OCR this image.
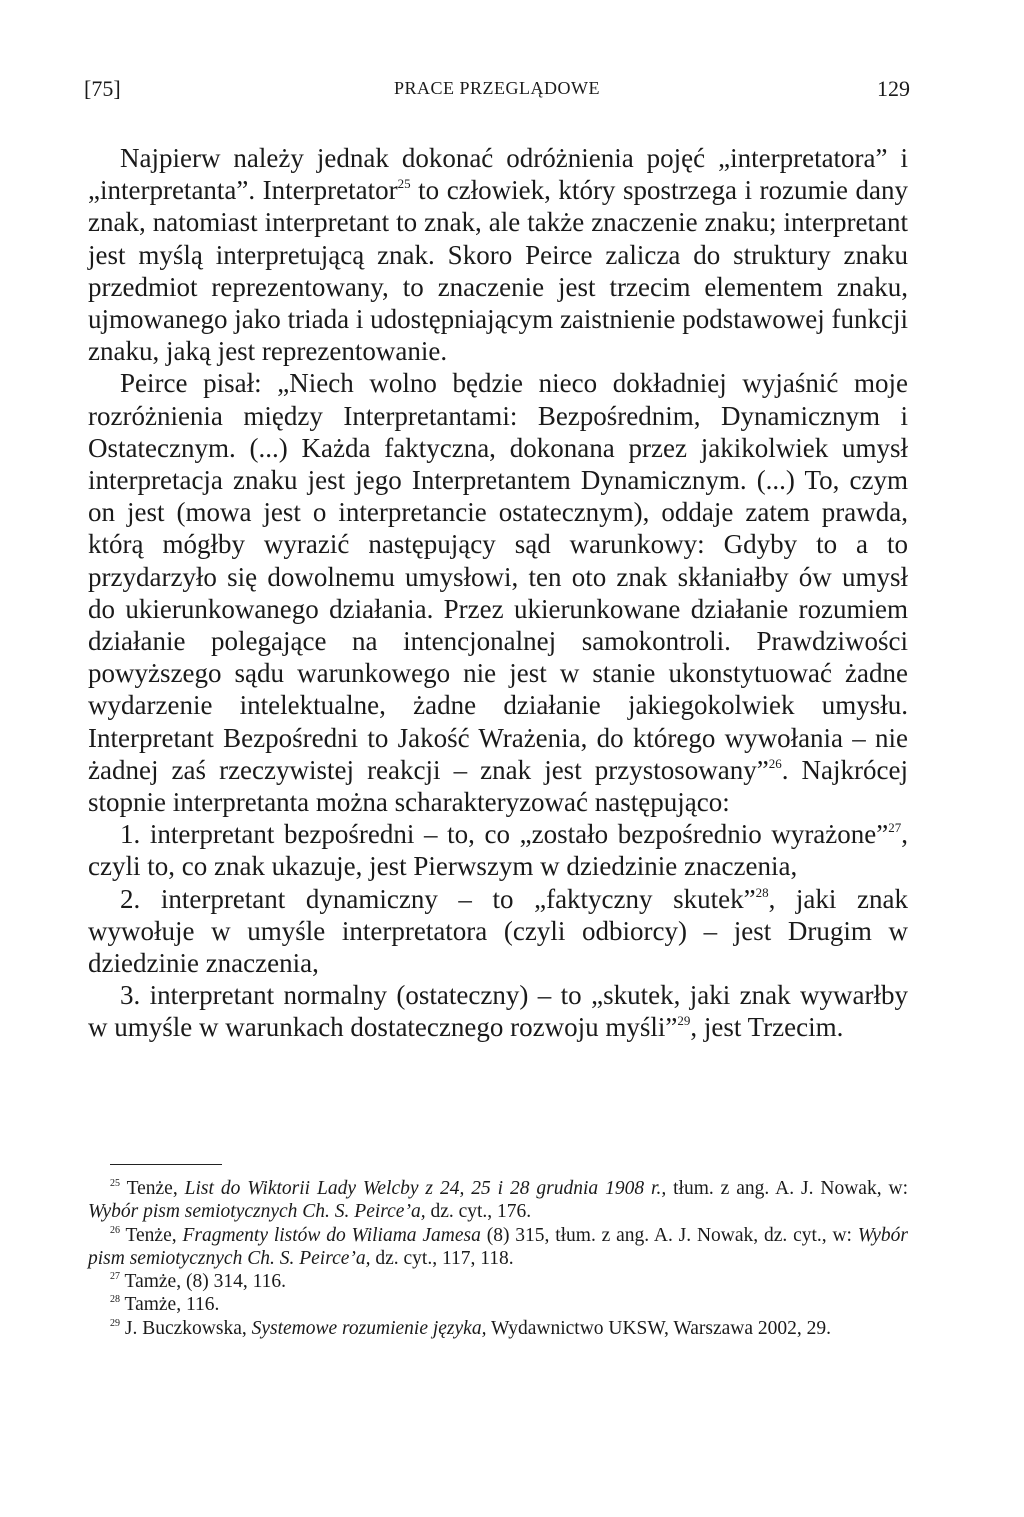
[75]	PRACE PRZEGLĄDOWE	129

Najpierw należy jednak dokonać odróżnienia pojęć „interpretatora” i „interpretanta”. Interpretator$^{25}$ to człowiek, który spostrzega i rozumie dany znak, natomiast interpretant to znak, ale także znaczenie znaku; interpretant jest myślą interpretującą znak. Skoro Peirce zalicza do struktury znaku przedmiot reprezentowany, to znaczenie jest trzecim elementem znaku, ujmowanego jako triada i udostępniającym zaistnienie podstawowej funkcji znaku, jaką jest reprezentowanie.

Peirce pisał: „Niech wolno będzie nieco dokładniej wyjaśnić moje rozróżnienia między Interpretantami: Bezpośrednim, Dynamicznym i Ostatecznym. (...) Każda faktyczna, dokonana przez jakikolwiek umysł interpretacja znaku jest jego Interpretantem Dynamicznym. (...) To, czym on jest (mowa jest o interpretancie ostatecznym), oddaje zatem prawda, którą mógłby wyrazić następujący sąd warunkowy: Gdyby to a to przydarzyło się dowolnemu umysłowi, ten oto znak skłaniałby ów umysł do ukierunkowanego działania. Przez ukierunkowane działanie rozumiem działanie polegające na intencjonalnej samokontroli. Prawdziwości powyższego sądu warunkowego nie jest w stanie ukonstytuować żadne wydarzenie intelektualne, żadne działanie jakiegokolwiek umysłu. Interpretant Bezpośredni to Jakość Wrażenia, do którego wywołania – nie żadnej zaś rzeczywistej reakcji – znak jest przystosowany”$^{26}$. Najkrócej stopnie interpretanta można scharakteryzować następująco:

1. interpretant bezpośredni – to, co „zostało bezpośrednio wyrażone”$^{27}$, czyli to, co znak ukazuje, jest Pierwszym w dziedzinie znaczenia,

2. interpretant dynamiczny – to „faktyczny skutek”$^{28}$, jaki znak wywołuje w umyśle interpretatora (czyli odbiorcy) – jest Drugim w dziedzinie znaczenia,

3. interpretant normalny (ostateczny) – to „skutek, jaki znak wywarłby w umyśle w warunkach dostatecznego rozwoju myśli”$^{29}$, jest Trzecim.

$^{25}$ Tenże, List do Wiktorii Lady Welcby z 24, 25 i 28 grudnia 1908 r., tłum. z ang. A. J. Nowak, w: Wybór pism semiotycznych Ch. S. Peirce’a, dz. cyt., 176.

$^{26}$ Tenże, Fragmenty listów do Wiliama Jamesa (8) 315, tłum. z ang. A. J. Nowak, dz. cyt., w: Wybór pism semiotycznych Ch. S. Peirce’a, dz. cyt., 117, 118.

$^{27}$ Tamże, (8) 314, 116.

$^{28}$ Tamże, 116.

$^{29}$ J. Buczkowska, Systemowe rozumienie języka, Wydawnictwo UKSW, Warszawa 2002, 29.
